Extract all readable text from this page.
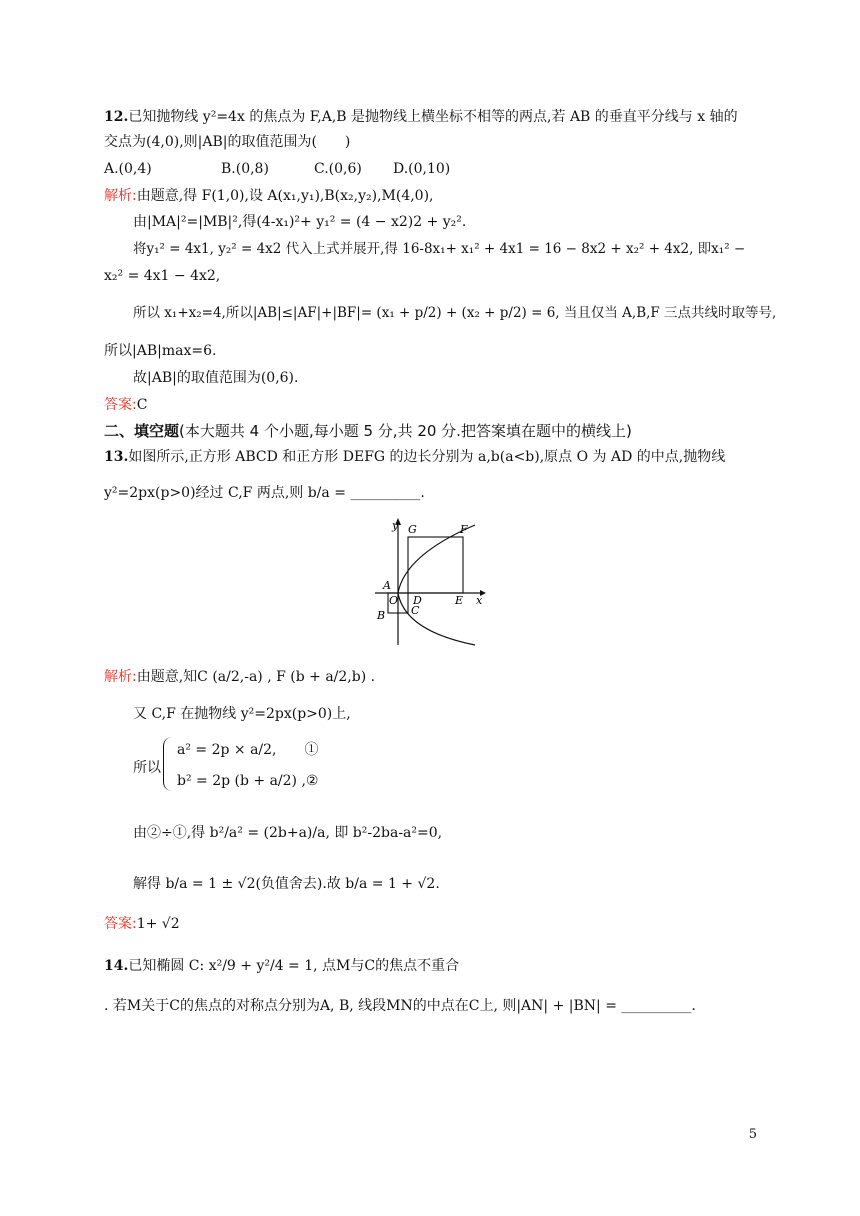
12.已知抛物线 y²=4x 的焦点为 F,A,B 是抛物线上横坐标不相等的两点,若 AB 的垂直平分线与 x 轴的
交点为(4,0),则|AB|的取值范围为(　　)
A.(0,4)	B.(0,8)	C.(0,6) D.(0,10)
解析:由题意,得 F(1,0),设 A(x₁,y₁),B(x₂,y₂),M(4,0),
由|MA|²=|MB|²,得(4-x₁)²+ y₁² = (4 − x2)2 + y₂².
将y₁² = 4x1, y₂² = 4x2 代入上式并展开,得 16-8x₁+ x₁² + 4x1 = 16 − 8x2 + x₂² + 4x2, 即x₁² −
x₂² = 4x1 − 4x2,
所以 x₁+x₂=4,所以|AB|≤|AF|+|BF|= (x₁ + p/2) + (x₂ + p/2) = 6, 当且仅当 A,B,F 三点共线时取等号,
所以|AB|max=6.
故|AB|的取值范围为(0,6).
答案:C
二、填空题(本大题共 4 个小题,每小题 5 分,共 20 分.把答案填在题中的横线上)
13.如图所示,正方形 ABCD 和正方形 DEFG 的边长分别为 a,b(a<b),原点 O 为 AD 的中点,抛物线
y²=2px(p>0)经过 C,F 两点,则 b/a = __________.
y G	F
A
O D	E x
B C
解析:由题意,知C (a/2,-a) , F (b + a/2,b) .
又 C,F 在抛物线 y²=2px(p>0)上,
所以
a² = 2p × a/2,　　①
b² = 2p (b + a/2) ,②
由②÷①,得 b²/a² = (2b+a)/a, 即 b²-2ba-a²=0,
解得 b/a = 1 ± √2(负值舍去).故 b/a = 1 + √2.
答案:1+ √2
14.已知椭圆 C: x²/9 + y²/4 = 1, 点M与C的焦点不重合
. 若M关于C的焦点的对称点分别为A, B, 线段MN的中点在C上, 则|AN| + |BN| = __________.
5
